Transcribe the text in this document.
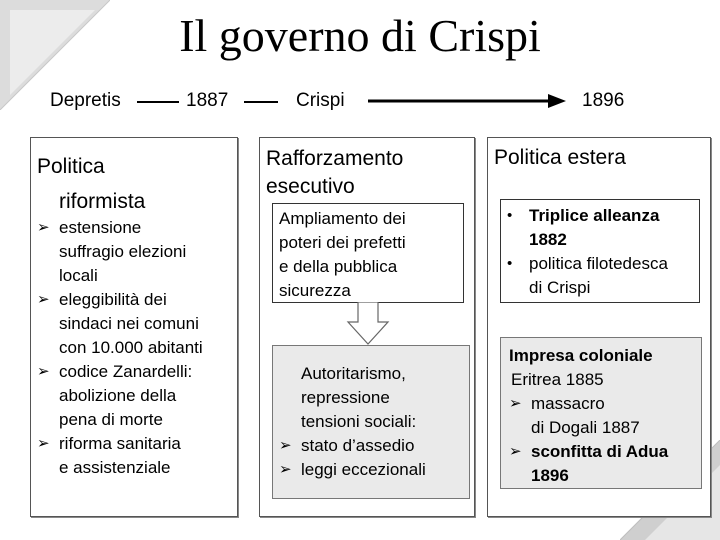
Il governo di Crispi
Depretis	1887	Crispi	1896
Politica
riformista
➢ estensione
suffragio elezioni
locali
➢ eleggibilità dei
sindaci nei comuni
con 10.000 abitanti
➢ codice Zanardelli:
abolizione della
pena di morte
➢ riforma sanitaria
e assistenziale
Rafforzamento
esecutivo
Ampliamento dei
poteri dei prefetti
e della pubblica
sicurezza
Autoritarismo,
repressione
tensioni sociali:
➢ stato d’assedio
➢ leggi eccezionali
Politica estera
• Triplice alleanza
1882
• politica filotedesca
di Crispi
Impresa coloniale
Eritrea 1885
➢ massacro
di Dogali 1887
➢ sconfitta di Adua
1896
